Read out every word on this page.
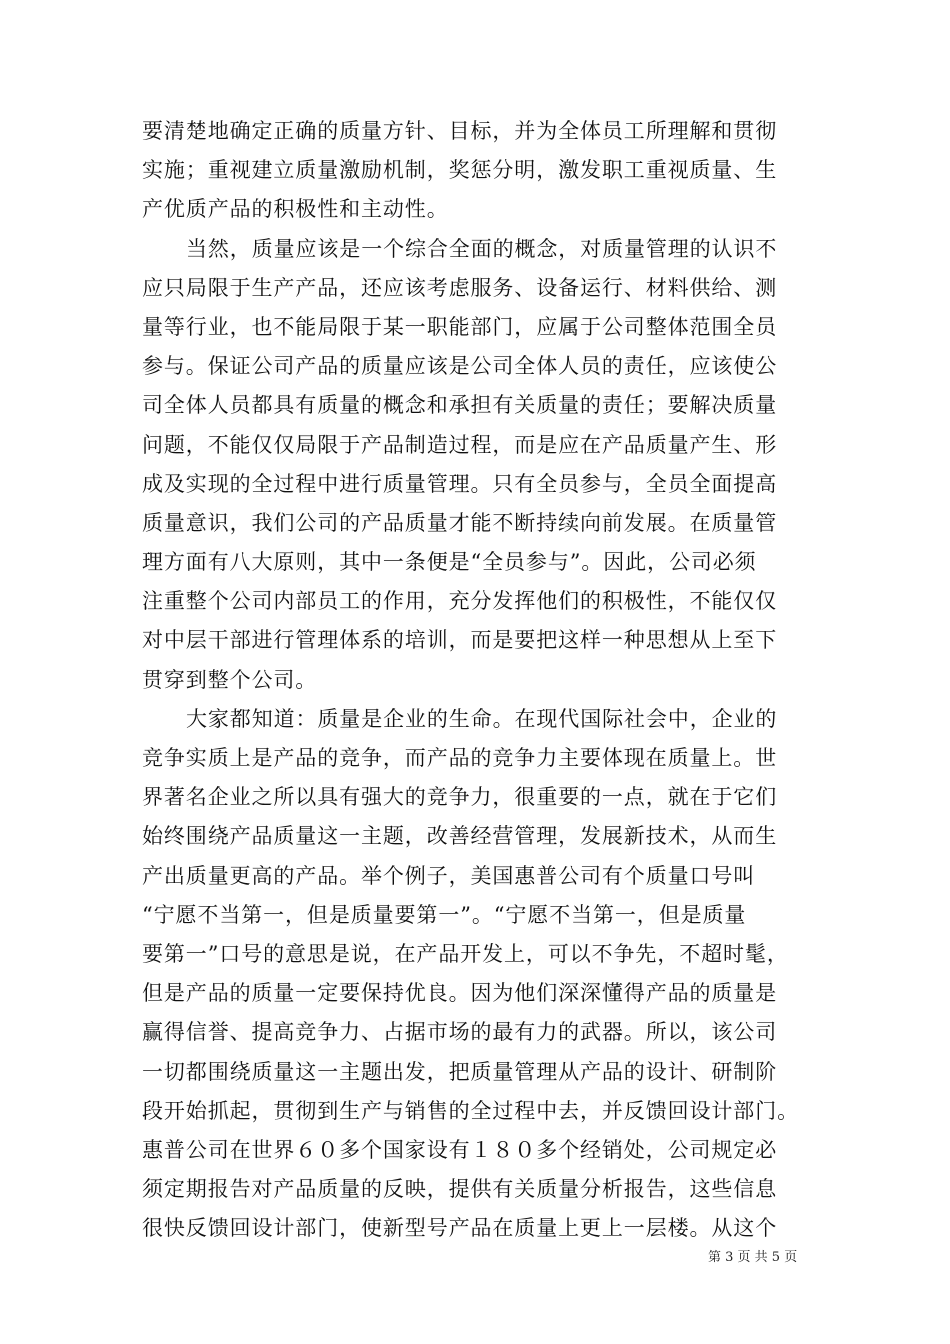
要清楚地确定正确的质量方针、目标，并为全体员工所理解和贯彻
实施；重视建立质量激励机制，奖惩分明，激发职工重视质量、生
产优质产品的积极性和主动性。
当然，质量应该是一个综合全面的概念，对质量管理的认识不
应只局限于生产产品，还应该考虑服务、设备运行、材料供给、测
量等行业，也不能局限于某一职能部门，应属于公司整体范围全员
参与。保证公司产品的质量应该是公司全体人员的责任，应该使公
司全体人员都具有质量的概念和承担有关质量的责任；要解决质量
问题，不能仅仅局限于产品制造过程，而是应在产品质量产生、形
成及实现的全过程中进行质量管理。只有全员参与，全员全面提高
质量意识，我们公司的产品质量才能不断持续向前发展。在质量管
理方面有八大原则，其中一条便是“全员参与”。因此，公司必须
注重整个公司内部员工的作用，充分发挥他们的积极性，不能仅仅
对中层干部进行管理体系的培训，而是要把这样一种思想从上至下
贯穿到整个公司。
大家都知道：质量是企业的生命。在现代国际社会中，企业的
竞争实质上是产品的竞争，而产品的竞争力主要体现在质量上。世
界著名企业之所以具有强大的竞争力，很重要的一点，就在于它们
始终围绕产品质量这一主题，改善经营管理，发展新技术，从而生
产出质量更高的产品。举个例子，美国惠普公司有个质量口号叫
“宁愿不当第一，但是质量要第一”。“宁愿不当第一，但是质量
要第一”口号的意思是说，在产品开发上，可以不争先，不超时髦，
但是产品的质量一定要保持优良。因为他们深深懂得产品的质量是
赢得信誉、提高竞争力、占据市场的最有力的武器。所以，该公司
一切都围绕质量这一主题出发，把质量管理从产品的设计、研制阶
段开始抓起，贯彻到生产与销售的全过程中去，并反馈回设计部门。
惠普公司在世界６０多个国家设有１８０多个经销处，公司规定必
须定期报告对产品质量的反映，提供有关质量分析报告，这些信息
很快反馈回设计部门，使新型号产品在质量上更上一层楼。从这个
第 3 页 共 5 页
